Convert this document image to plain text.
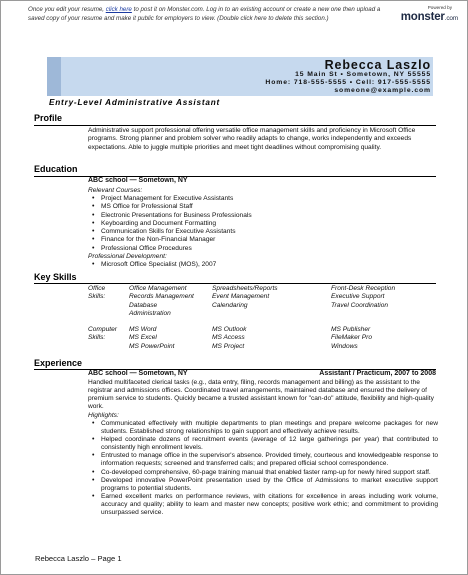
Once you edit your resume, click here to post it on Monster.com. Log in to an existing account or create a new one then upload a saved copy of your resume and make it public for employers to view. (Double click here to delete this section.)
Powered by
monster.com
Rebecca Laszlo
15 Main St • Sometown, NY 55555
Home: 718-555-5555 • Cell: 917-555-5555
someone@example.com
Entry-Level Administrative Assistant
Profile
Administrative support professional offering versatile office management skills and proficiency in Microsoft Office programs. Strong planner and problem solver who readily adapts to change, works independently and exceeds expectations. Able to juggle multiple priorities and meet tight deadlines without compromising quality.
Education
ABC school — Sometown, NY
Relevant Courses:
• Project Management for Executive Assistants
• MS Office for Professional Staff
• Electronic Presentations for Business Professionals
• Keyboarding and Document Formatting
• Communication Skills for Executive Assistants
• Finance for the Non-Financial Manager
• Professional Office Procedures
Professional Development:
• Microsoft Office Specialist (MOS), 2007
Key Skills
Office
Skills:
Office Management
Records Management
Database
Administration
Spreadsheets/Reports
Event Management
Calendaring
Front-Desk Reception
Executive Support
Travel Coordination
Computer
Skills:
MS Word
MS Excel
MS PowerPoint
MS Outlook
MS Access
MS Project
MS Publisher
FileMaker Pro
Windows
Experience
ABC school — Sometown, NY	Assistant / Practicum, 2007 to 2008
Handled multifaceted clerical tasks (e.g., data entry, filing, records management and billing) as the assistant to the registrar and admissions offices. Coordinated travel arrangements, maintained database and ensured the delivery of premium service to students. Quickly became a trusted assistant known for "can-do" attitude, flexibility and high-quality work.
Highlights:
• Communicated effectively with multiple departments to plan meetings and prepare welcome packages for new students. Established strong relationships to gain support and effectively achieve results.
• Helped coordinate dozens of recruitment events (average of 12 large gatherings per year) that contributed to consistently high enrollment levels.
• Entrusted to manage office in the supervisor's absence. Provided timely, courteous and knowledgeable response to information requests; screened and transferred calls; and prepared official school correspondence.
• Co-developed comprehensive, 60-page training manual that enabled faster ramp-up for newly hired support staff.
• Developed innovative PowerPoint presentation used by the Office of Admissions to market executive support programs to potential students.
• Earned excellent marks on performance reviews, with citations for excellence in areas including work volume, accuracy and quality; ability to learn and master new concepts; positive work ethic; and commitment to providing unsurpassed service.
Rebecca Laszlo – Page 1
